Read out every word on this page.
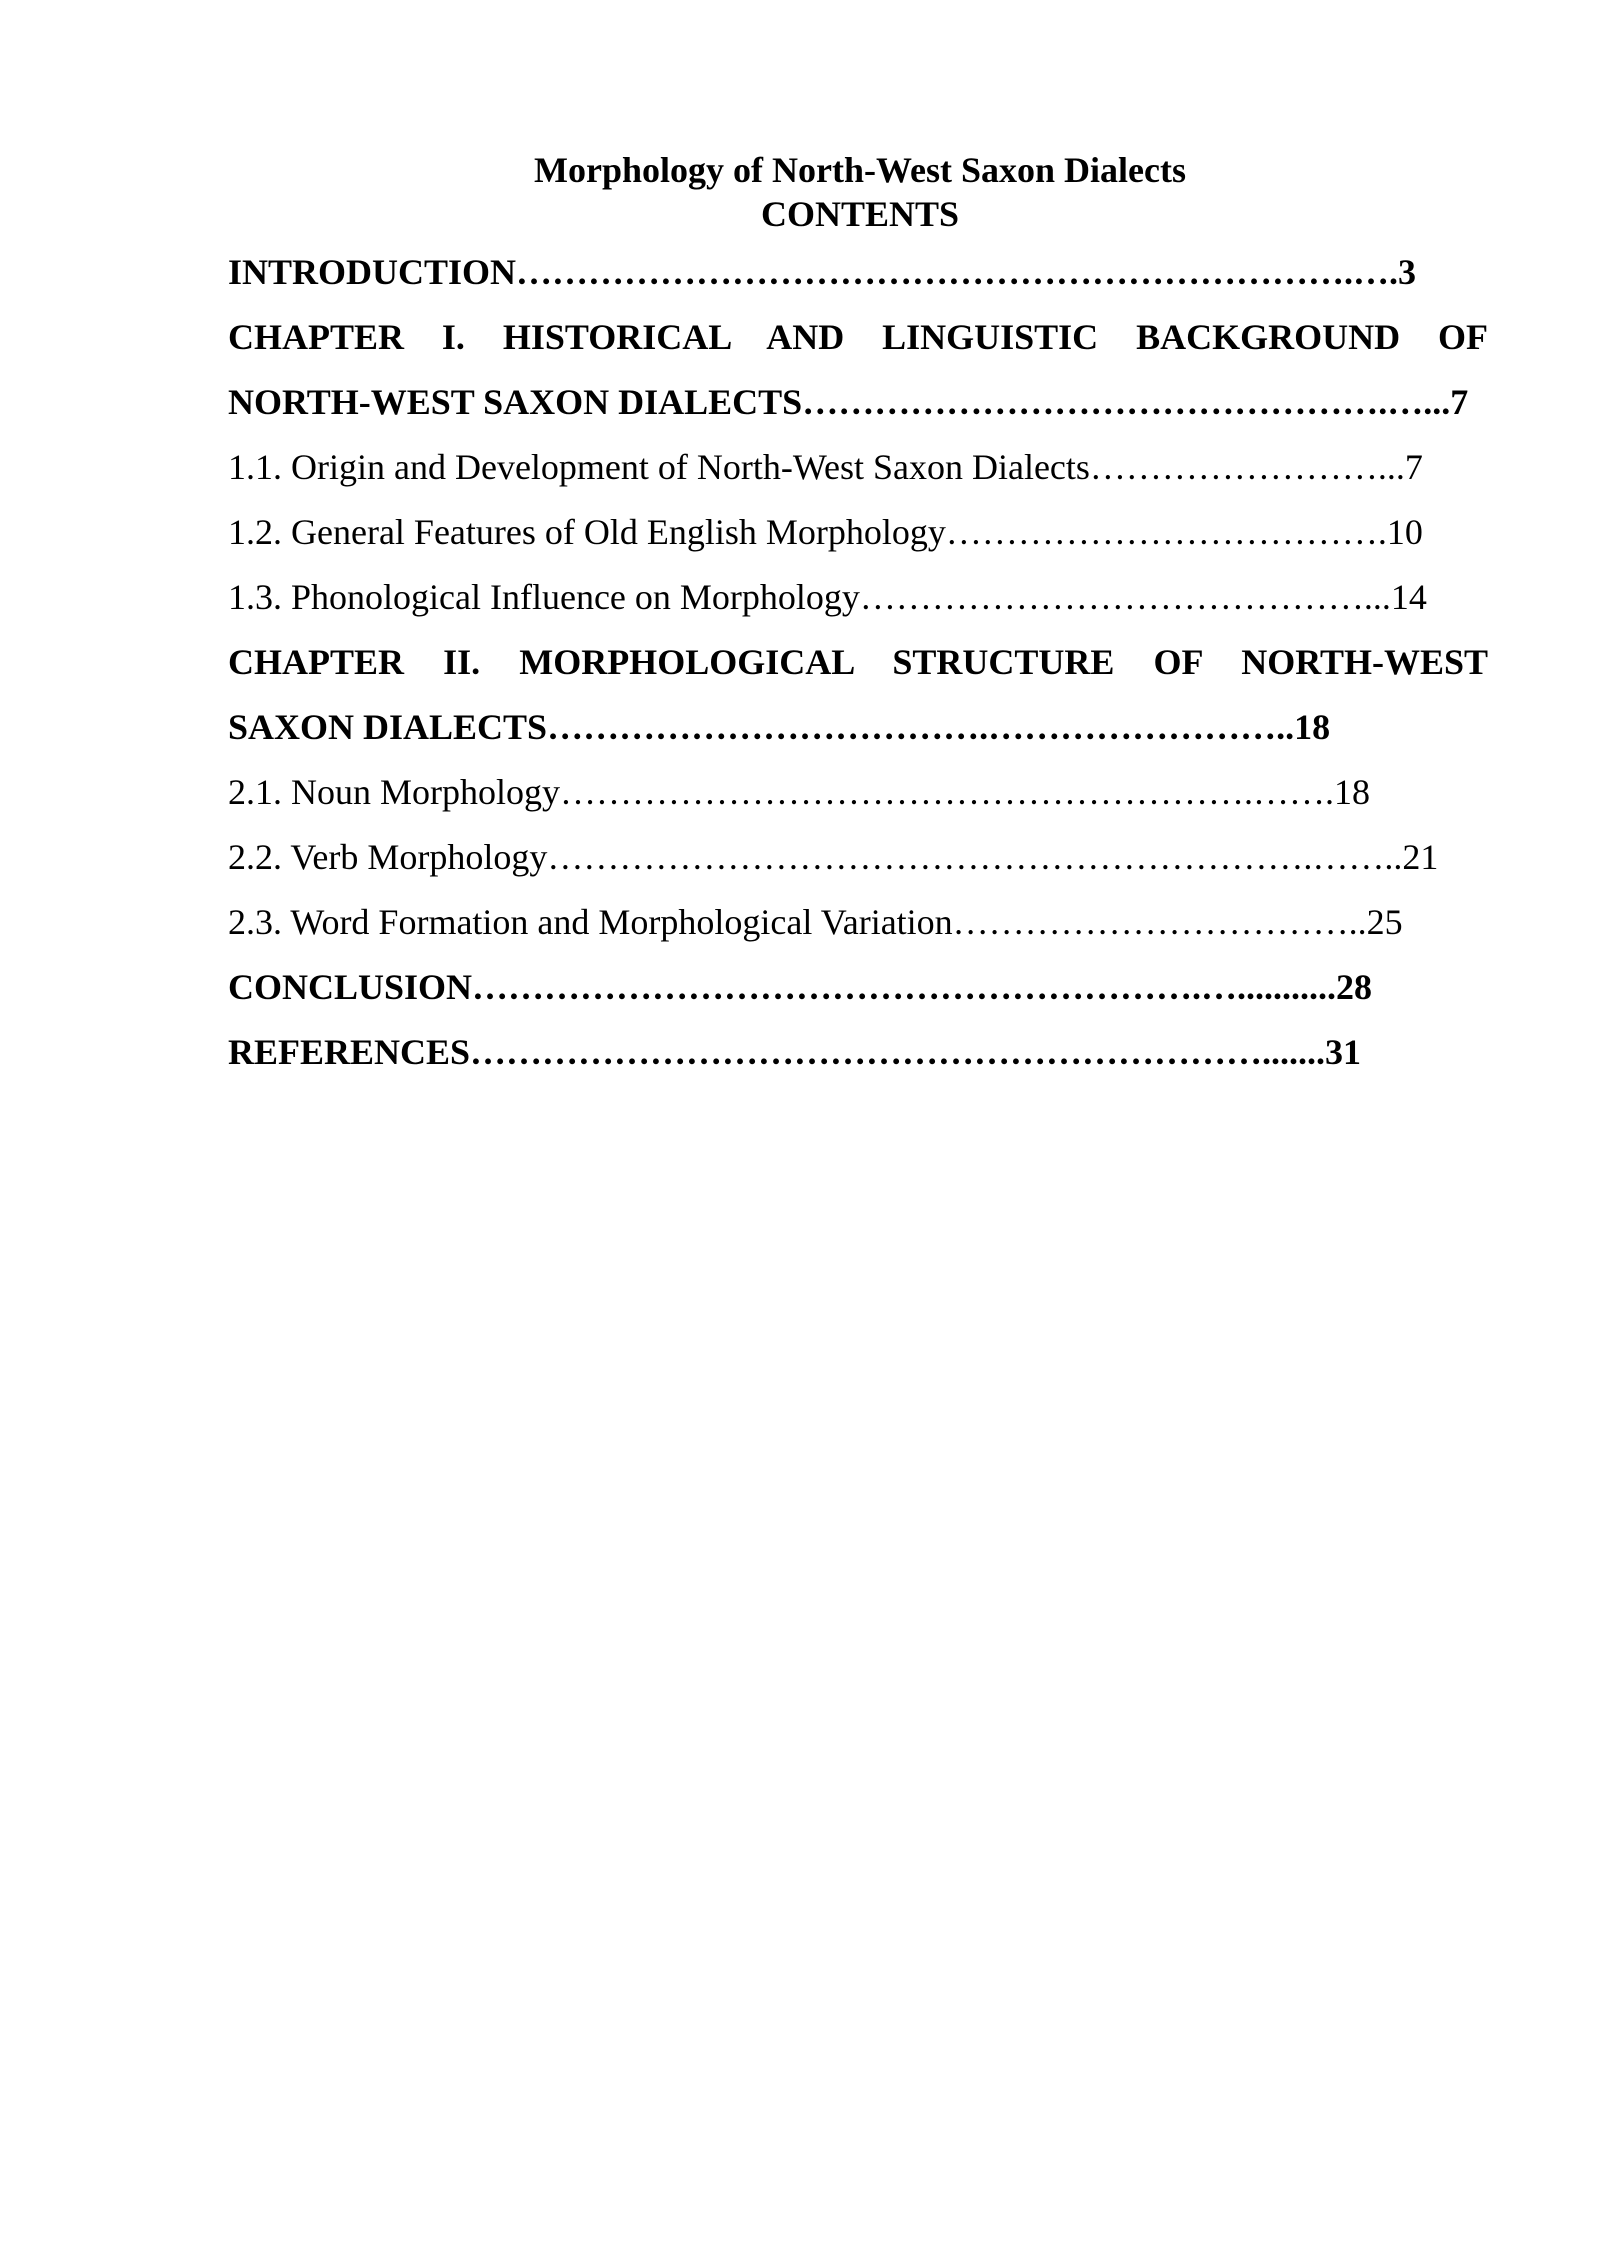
Morphology of North-West Saxon Dialects
CONTENTS
INTRODUCTION…………………………………………………………….….3
CHAPTER I. HISTORICAL AND LINGUISTIC BACKGROUND OF
NORTH-WEST SAXON DIALECTS………………………………………….…...7
1.1. Origin and Development of North-West Saxon Dialects……………………...7
1.2. General Features of Old English Morphology……………………………….10
1.3. Phonological Influence on Morphology……………………………………...14
CHAPTER II. MORPHOLOGICAL STRUCTURE OF NORTH-WEST
SAXON DIALECTS……………………………….……………………..18
2.1. Noun Morphology………………………………………………….…….18
2.2. Verb Morphology……………………………………………………….……..21
2.3. Word Formation and Morphological Variation……………………………..25
CONCLUSION…………………………………………………….…...........28
REFERENCES………………………………………………………….......31
